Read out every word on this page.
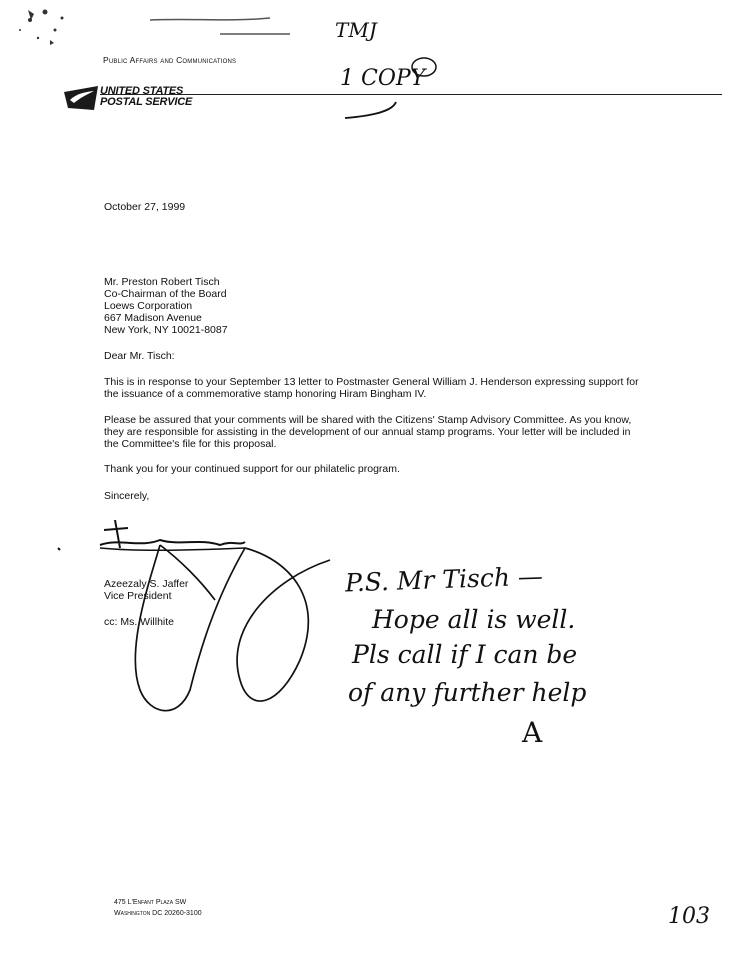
Public Affairs and Communications
UNITED STATES
POSTAL SERVICE
October 27, 1999
Mr. Preston Robert Tisch
Co-Chairman of the Board
Loews Corporation
667 Madison Avenue
New York, NY 10021-8087
Dear Mr. Tisch:
This is in response to your September 13 letter to Postmaster General William J. Henderson expressing support for the issuance of a commemorative stamp honoring Hiram Bingham IV.
Please be assured that your comments will be shared with the Citizens' Stamp Advisory Committee. As you know, they are responsible for assisting in the development of our annual stamp programs. Your letter will be included in the Committee's file for this proposal.
Thank you for your continued support for our philatelic program.
Sincerely,
Azeezaly S. Jaffer
Vice President
cc: Ms. Willhite
475 L'Enfant Plaza SW
Washington DC 20260-3100
TMJ
1 COPY
P.S. Mr Tisch —
Hope all is well.
Pls call if I can be
of any further help
A
103
